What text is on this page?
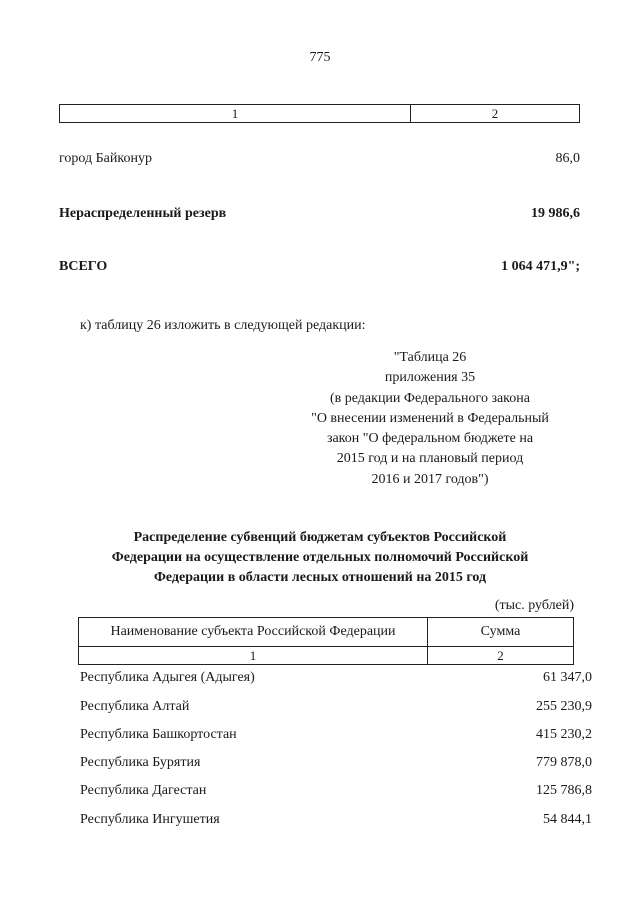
775
1	2
город Байконур	86,0
Нераспределенный резерв	19 986,6
ВСЕГО	1 064 471,9";
к) таблицу 26 изложить в следующей редакции:
"Таблица 26
приложения 35
(в редакции Федерального закона
"О внесении изменений в Федеральный
закон "О федеральном бюджете на
2015 год и на плановый период
2016 и 2017 годов")
Распределение субвенций бюджетам субъектов Российской
Федерации на осуществление отдельных полномочий Российской
Федерации в области лесных отношений на 2015 год
(тыс. рублей)
Наименование субъекта Российской Федерации	Сумма
1	2
Республика Адыгея (Адыгея)	61 347,0
Республика Алтай	255 230,9
Республика Башкортостан	415 230,2
Республика Бурятия	779 878,0
Республика Дагестан	125 786,8
Республика Ингушетия	54 844,1
